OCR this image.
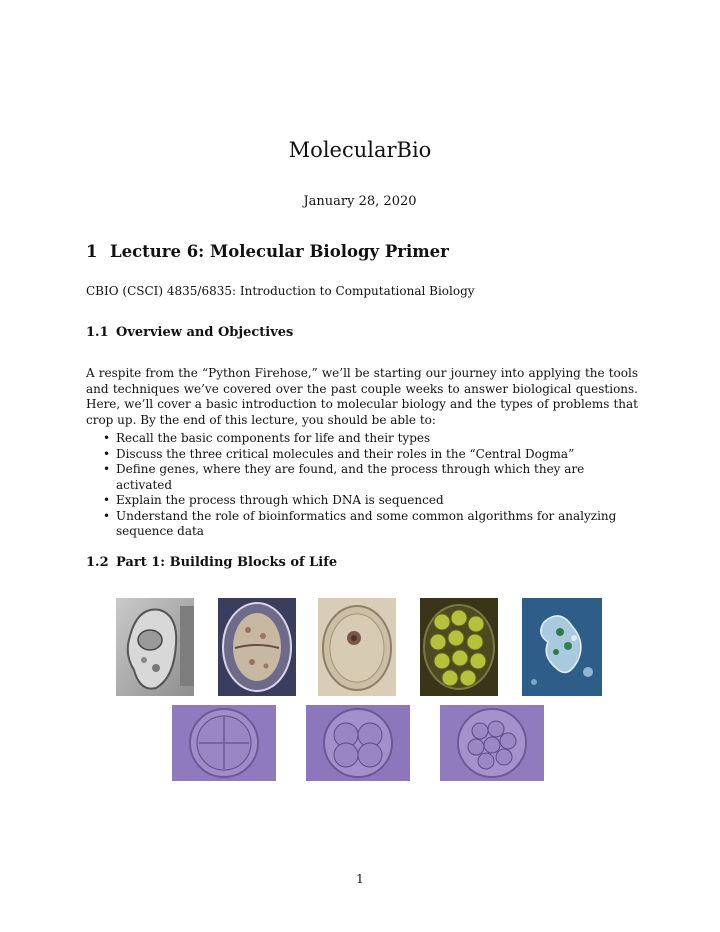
MolecularBio
January 28, 2020
1 Lecture 6: Molecular Biology Primer
CBIO (CSCI) 4835/6835: Introduction to Computational Biology
1.1 Overview and Objectives
A respite from the “Python Firehose,” we’ll be starting our journey into applying the tools and techniques we’ve covered over the past couple weeks to answer biological questions. Here, we’ll cover a basic introduction to molecular biology and the types of problems that crop up. By the end of this lecture, you should be able to:
• Recall the basic components for life and their types
• Discuss the three critical molecules and their roles in the “Central Dogma”
• Define genes, where they are found, and the process through which they are activated
• Explain the process through which DNA is sequenced
• Understand the role of bioinformatics and some common algorithms for analyzing sequence data
1.2 Part 1: Building Blocks of Life
1
